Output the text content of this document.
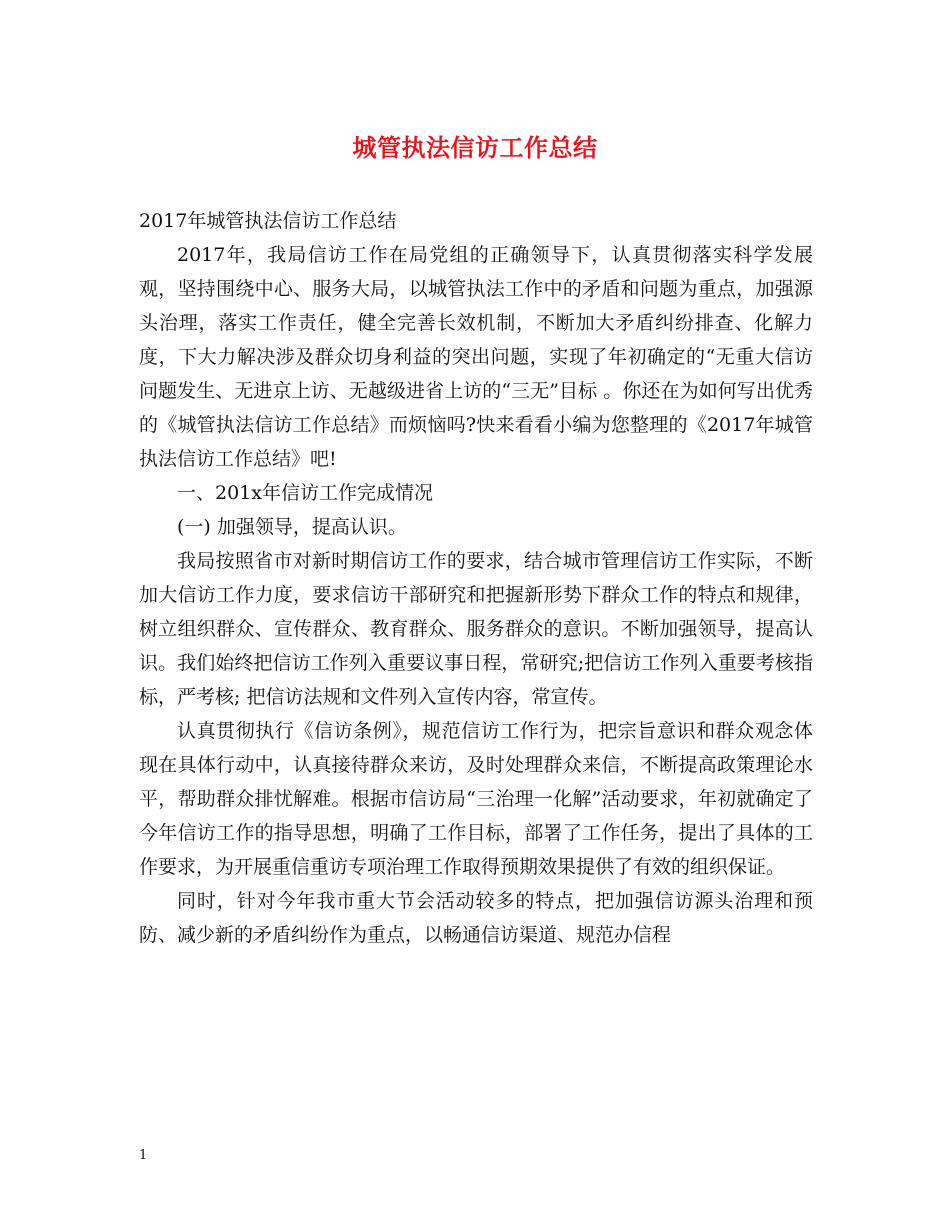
城管执法信访工作总结

2017年城管执法信访工作总结

2017年，我局信访工作在局党组的正确领导下，认真贯彻落实科学发展观，坚持围绕中心、服务大局，以城管执法工作中的矛盾和问题为重点，加强源头治理，落实工作责任，健全完善长效机制，不断加大矛盾纠纷排查、化解力度，下大力解决涉及群众切身利益的突出问题，实现了年初确定的“无重大信访问题发生、无进京上访、无越级进省上访的“三无”目标 。你还在为如何写出优秀的《城管执法信访工作总结》而烦恼吗?快来看看小编为您整理的《2017年城管执法信访工作总结》吧!

一、201x年信访工作完成情况

(一) 加强领导，提高认识。

我局按照省市对新时期信访工作的要求，结合城市管理信访工作实际，不断加大信访工作力度，要求信访干部研究和把握新形势下群众工作的特点和规律，树立组织群众、宣传群众、教育群众、服务群众的意识。不断加强领导，提高认识。我们始终把信访工作列入重要议事日程，常研究;把信访工作列入重要考核指标，严考核; 把信访法规和文件列入宣传内容，常宣传。

认真贯彻执行《信访条例》，规范信访工作行为，把宗旨意识和群众观念体现在具体行动中，认真接待群众来访，及时处理群众来信，不断提高政策理论水平，帮助群众排忧解难。根据市信访局“三治理一化解”活动要求，年初就确定了今年信访工作的指导思想，明确了工作目标，部署了工作任务，提出了具体的工作要求，为开展重信重访专项治理工作取得预期效果提供了有效的组织保证。

同时，针对今年我市重大节会活动较多的特点，把加强信访源头治理和预防、减少新的矛盾纠纷作为重点，以畅通信访渠道、规范办信程

1
